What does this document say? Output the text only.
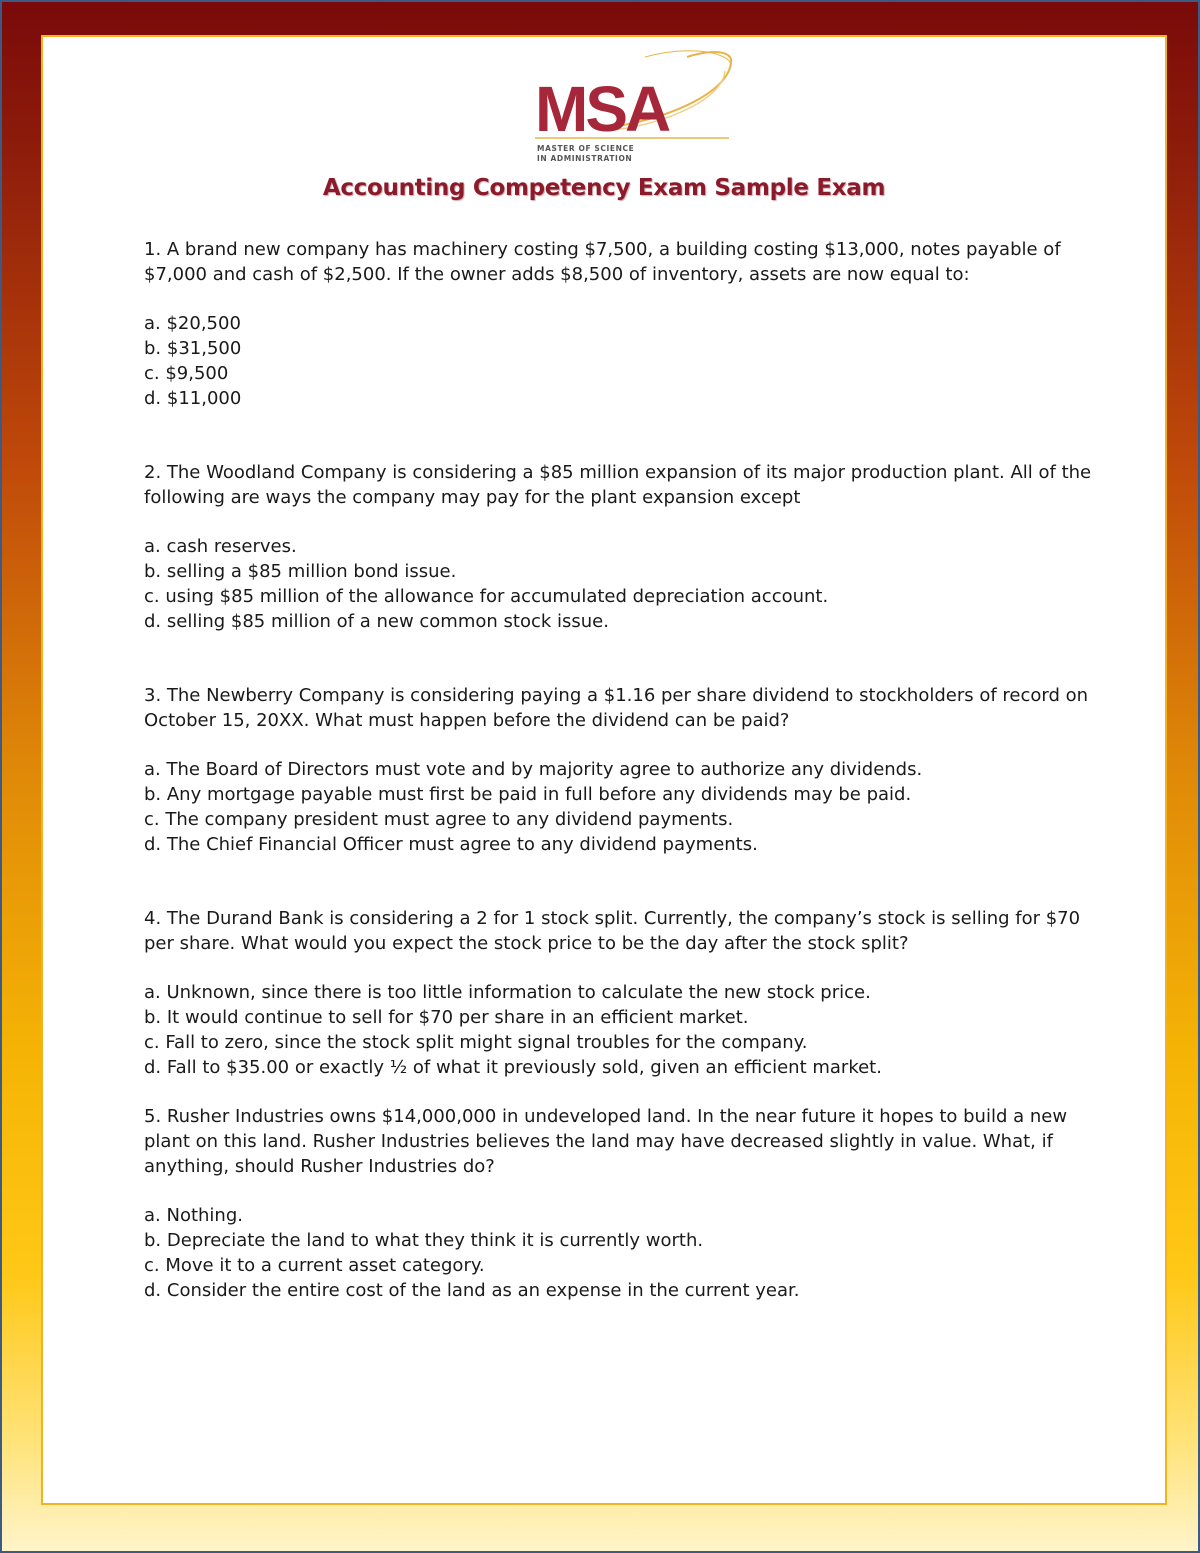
MSA
MASTER OF SCIENCE
IN ADMINISTRATION
Accounting Competency Exam Sample Exam

1. A brand new company has machinery costing $7,500, a building costing $13,000, notes payable of $7,000 and cash of $2,500. If the owner adds $8,500 of inventory, assets are now equal to:

a. $20,500
b. $31,500
c. $9,500
d. $11,000

2. The Woodland Company is considering a $85 million expansion of its major production plant. All of the following are ways the company may pay for the plant expansion except

a. cash reserves.
b. selling a $85 million bond issue.
c. using $85 million of the allowance for accumulated depreciation account.
d. selling $85 million of a new common stock issue.

3. The Newberry Company is considering paying a $1.16 per share dividend to stockholders of record on October 15, 20XX. What must happen before the dividend can be paid?

a. The Board of Directors must vote and by majority agree to authorize any dividends.
b. Any mortgage payable must first be paid in full before any dividends may be paid.
c. The company president must agree to any dividend payments.
d. The Chief Financial Officer must agree to any dividend payments.

4. The Durand Bank is considering a 2 for 1 stock split. Currently, the company’s stock is selling for $70 per share. What would you expect the stock price to be the day after the stock split?

a. Unknown, since there is too little information to calculate the new stock price.
b. It would continue to sell for $70 per share in an efficient market.
c. Fall to zero, since the stock split might signal troubles for the company.
d. Fall to $35.00 or exactly ½ of what it previously sold, given an efficient market.

5. Rusher Industries owns $14,000,000 in undeveloped land. In the near future it hopes to build a new plant on this land. Rusher Industries believes the land may have decreased slightly in value. What, if anything, should Rusher Industries do?

a. Nothing.
b. Depreciate the land to what they think it is currently worth.
c. Move it to a current asset category.
d. Consider the entire cost of the land as an expense in the current year.
